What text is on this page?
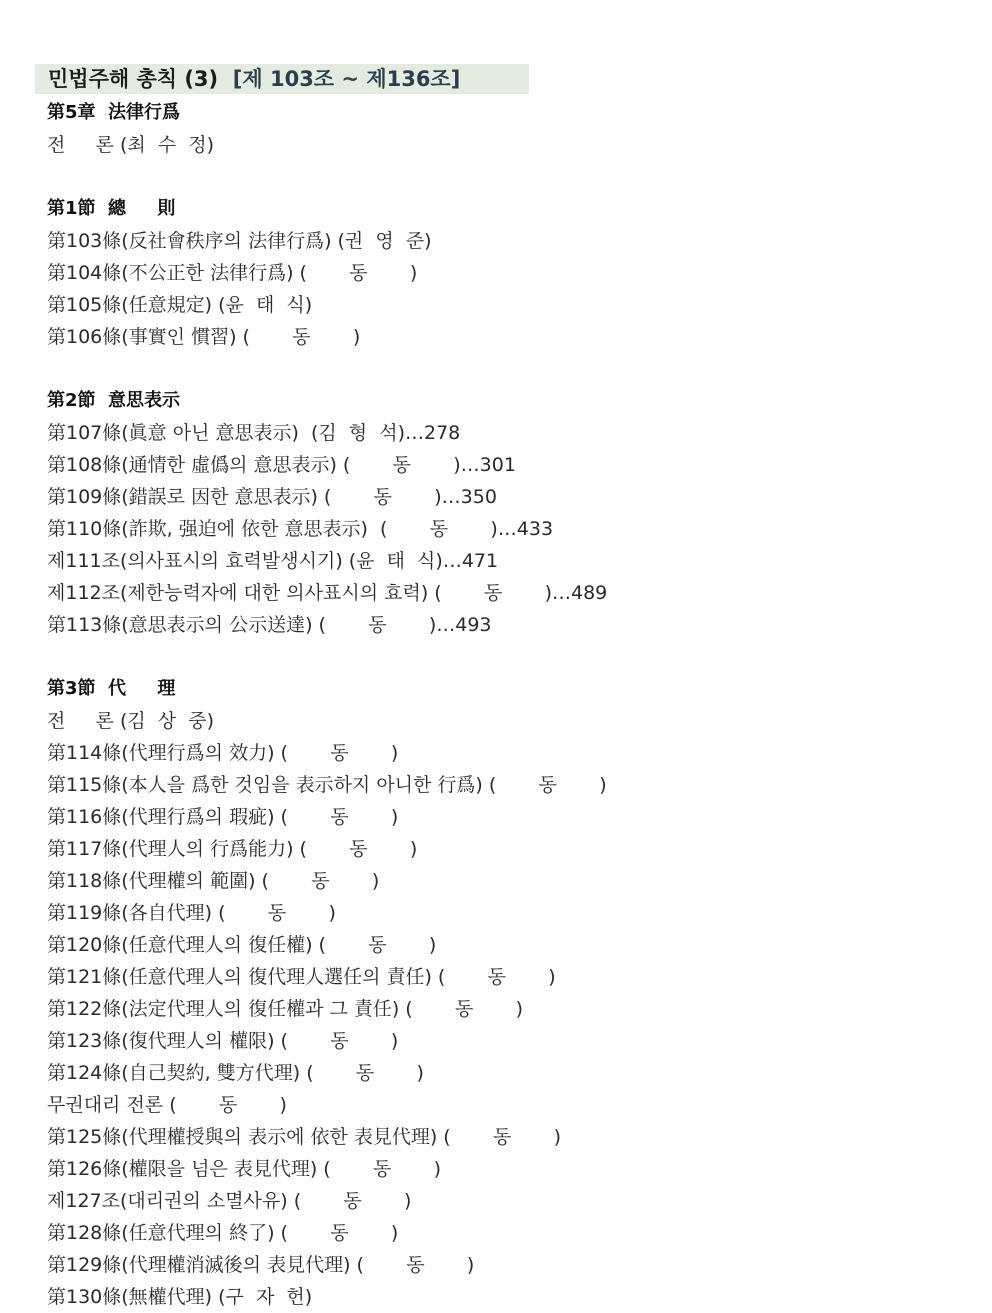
민법주해 총칙 (3) [제 103조 ~ 제136조]
第5章  法律行爲
전     론 (최  수  정)
第1節  總     則
第103條(反社會秩序의 法律行爲) (권  영  준)
第104條(不公正한 法律行爲) (       동       )
第105條(任意規定) (윤  태  식)
第106條(事實인 慣習) (       동       )
第2節  意思表示
第107條(眞意 아닌 意思表示)  (김  형  석)…278
第108條(通情한 虛僞의 意思表示) (       동       )…301
第109條(錯誤로 因한 意思表示) (       동       )…350
第110條(詐欺, 强迫에 依한 意思表示)  (       동       )…433
제111조(의사표시의 효력발생시기) (윤  태  식)…471
제112조(제한능력자에 대한 의사표시의 효력) (       동       )…489
第113條(意思表示의 公示送達) (       동       )…493
第3節  代     理
전     론 (김  상  중)
第114條(代理行爲의 效力) (       동       )
第115條(本人을 爲한 것임을 表示하지 아니한 行爲) (       동       )
第116條(代理行爲의 瑕疵) (       동       )
第117條(代理人의 行爲能力) (       동       )
第118條(代理權의 範圍) (       동       )
第119條(各自代理) (       동       )
第120條(任意代理人의 復任權) (       동       )
第121條(任意代理人의 復代理人選任의 責任) (       동       )
第122條(法定代理人의 復任權과 그 責任) (       동       )
第123條(復代理人의 權限) (       동       )
第124條(自己契約, 雙方代理) (       동       )
무권대리 전론 (       동       )
第125條(代理權授與의 表示에 依한 表見代理) (       동       )
第126條(權限을 넘은 表見代理) (       동       )
제127조(대리권의 소멸사유) (       동       )
第128條(任意代理의 終了) (       동       )
第129條(代理權消滅後의 表見代理) (       동       )
第130條(無權代理) (구  자  헌)
